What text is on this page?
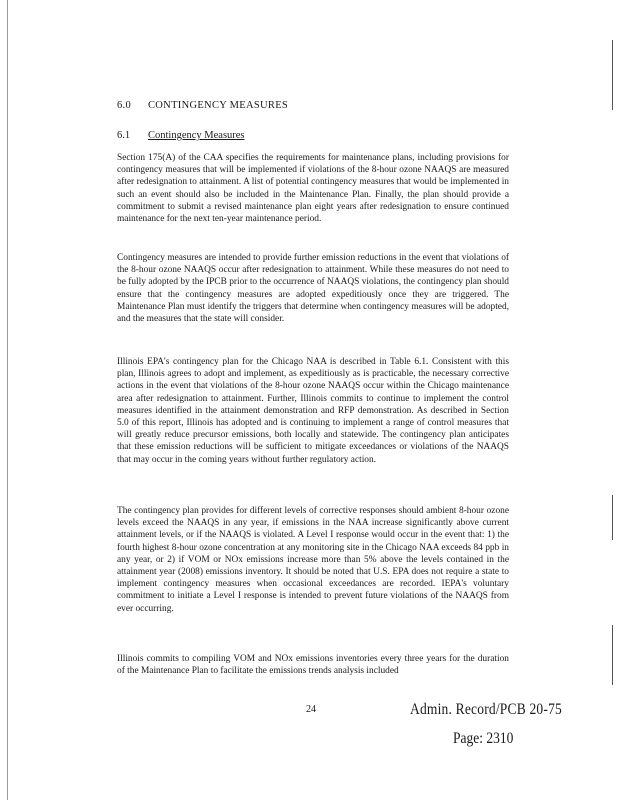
6.0 CONTINGENCY MEASURES
6.1 Contingency Measures

Section 175(A) of the CAA specifies the requirements for maintenance plans, including provisions for contingency measures that will be implemented if violations of the 8-hour ozone NAAQS are measured after redesignation to attainment. A list of potential contingency measures that would be implemented in such an event should also be included in the Maintenance Plan. Finally, the plan should provide a commitment to submit a revised maintenance plan eight years after redesignation to ensure continued maintenance for the next ten-year maintenance period.

Contingency measures are intended to provide further emission reductions in the event that violations of the 8-hour ozone NAAQS occur after redesignation to attainment. While these measures do not need to be fully adopted by the IPCB prior to the occurrence of NAAQS violations, the contingency plan should ensure that the contingency measures are adopted expeditiously once they are triggered. The Maintenance Plan must identify the triggers that determine when contingency measures will be adopted, and the measures that the state will consider.

Illinois EPA's contingency plan for the Chicago NAA is described in Table 6.1. Consistent with this plan, Illinois agrees to adopt and implement, as expeditiously as is practicable, the necessary corrective actions in the event that violations of the 8-hour ozone NAAQS occur within the Chicago maintenance area after redesignation to attainment. Further, Illinois commits to continue to implement the control measures identified in the attainment demonstration and RFP demonstration. As described in Section 5.0 of this report, Illinois has adopted and is continuing to implement a range of control measures that will greatly reduce precursor emissions, both locally and statewide. The contingency plan anticipates that these emission reductions will be sufficient to mitigate exceedances or violations of the NAAQS that may occur in the coming years without further regulatory action.

The contingency plan provides for different levels of corrective responses should ambient 8-hour ozone levels exceed the NAAQS in any year, if emissions in the NAA increase significantly above current attainment levels, or if the NAAQS is violated. A Level I response would occur in the event that: 1) the fourth highest 8-hour ozone concentration at any monitoring site in the Chicago NAA exceeds 84 ppb in any year, or 2) if VOM or NOx emissions increase more than 5% above the levels contained in the attainment year (2008) emissions inventory. It should be noted that U.S. EPA does not require a state to implement contingency measures when occasional exceedances are recorded. IEPA's voluntary commitment to initiate a Level I response is intended to prevent future violations of the NAAQS from ever occurring.

Illinois commits to compiling VOM and NOx emissions inventories every three years for the duration of the Maintenance Plan to facilitate the emissions trends analysis included

24	Admin. Record/PCB 20-75
Page: 2310
